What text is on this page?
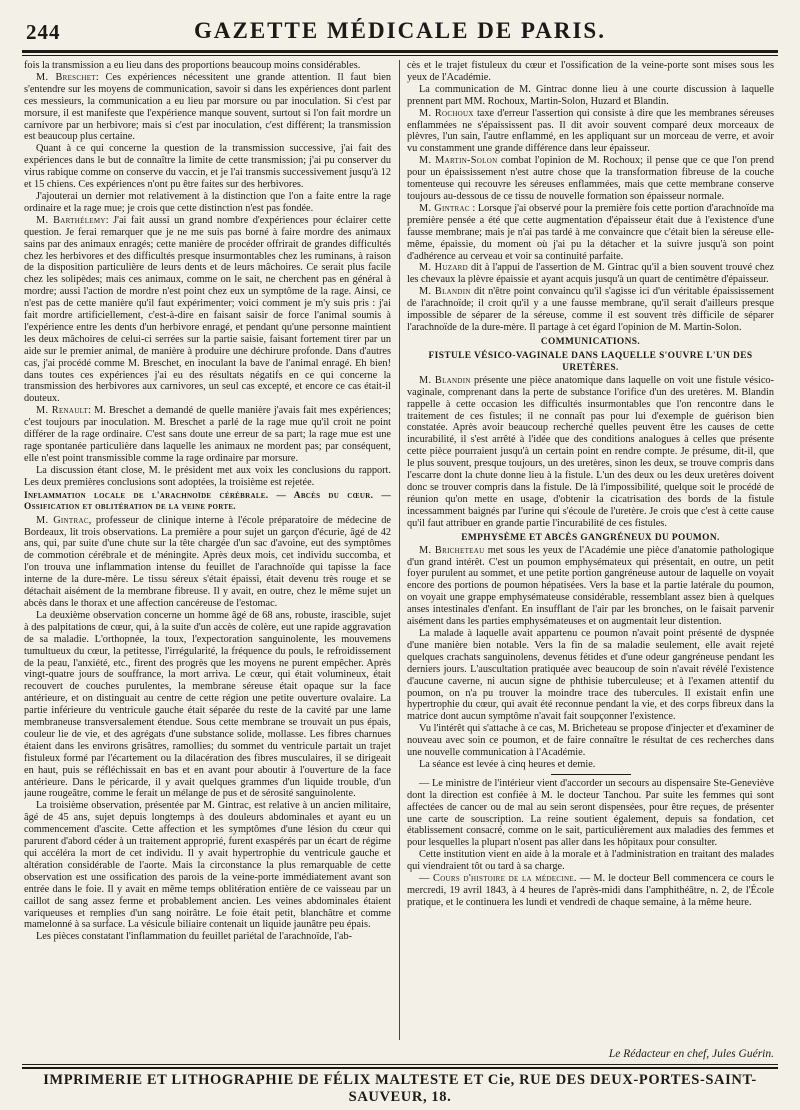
244	GAZETTE MÉDICALE DE PARIS.

fois la transmission a eu lieu dans des proportions beaucoup moins considérables.

M. Breschet: Ces expériences nécessitent une grande attention. Il faut bien s'entendre sur les moyens de communication, savoir si dans les expériences dont parlent ces messieurs, la communication a eu lieu par morsure ou par inoculation. Si c'est par morsure, il est manifeste que l'expérience manque souvent, surtout si l'on fait mordre un carnivore par un herbivore; mais si c'est par inoculation, c'est différent; la transmission est beaucoup plus certaine.

Quant à ce qui concerne la question de la transmission successive, j'ai fait des expériences dans le but de connaître la limite de cette transmission; j'ai pu conserver du virus rabique comme on conserve du vaccin, et je l'ai transmis successivement jusqu'à 12 et 15 chiens. Ces expériences n'ont pu être faites sur des herbivores.

J'ajouterai un dernier mot relativement à la distinction que l'on a faite entre la rage ordinaire et la rage mue; je crois que cette distinction n'est pas fondée.

M. Barthélemy: J'ai fait aussi un grand nombre d'expériences pour éclairer cette question. Je ferai remarquer que je ne me suis pas borné à faire mordre des animaux sains par des animaux enragés; cette manière de procéder offrirait de grandes difficultés chez les herbivores et des difficultés presque insurmontables chez les ruminans, à raison de la disposition particulière de leurs dents et de leurs mâchoires. Ce serait plus facile chez les solipèdes; mais ces animaux, comme on le sait, ne cherchent pas en général à mordre; aussi l'action de mordre n'est point chez eux un symptôme de la rage. Ainsi, ce n'est pas de cette manière qu'il faut expérimenter; voici comment je m'y suis pris : j'ai fait mordre artificiellement, c'est-à-dire en faisant saisir de force l'animal soumis à l'expérience entre les dents d'un herbivore enragé, et pendant qu'une personne maintient les deux mâchoires de celui-ci serrées sur la partie saisie, faisant fortement tirer par un aide sur le premier animal, de manière à produire une déchirure profonde. Dans d'autres cas, j'ai procédé comme M. Breschet, en inoculant la bave de l'animal enragé. Eh bien! dans toutes ces expériences j'ai eu des résultats négatifs en ce qui concerne la transmission des herbivores aux carnivores, un seul cas excepté, et encore ce cas était-il douteux.

M. Renault: M. Breschet a demandé de quelle manière j'avais fait mes expériences; c'est toujours par inoculation. M. Breschet a parlé de la rage mue qu'il croit ne point différer de la rage ordinaire. C'est sans doute une erreur de sa part; la rage mue est une rage spontanée particulière dans laquelle les animaux ne mordent pas; par conséquent, elle n'est point transmissible comme la rage ordinaire par morsure.

La discussion étant close, M. le président met aux voix les conclusions du rapport. Les deux premières conclusions sont adoptées, la troisième est rejetée.

Inflammation locale de l'arachnoïde cérébrale. — Abcès du cœur. — Ossification et oblitération de la veine porte.

M. Gintrac, professeur de clinique interne à l'école préparatoire de médecine de Bordeaux, lit trois observations. La première a pour sujet un garçon d'écurie, âgé de 42 ans, qui, par suite d'une chute sur la tête chargée d'un sac d'avoine, eut des symptômes de commotion cérébrale et de méningite. Après deux mois, cet individu succomba, et l'on trouva une inflammation intense du feuillet de l'arachnoïde qui tapisse la face interne de la dure-mère. Le tissu séreux s'était épaissi, était devenu très rouge et se détachait aisément de la membrane fibreuse. Il y avait, en outre, chez le même sujet un abcès dans le thorax et une affection cancéreuse de l'estomac.

La deuxième observation concerne un homme âgé de 68 ans, robuste, irascible, sujet à des palpitations de cœur, qui, à la suite d'un accès de colère, eut une rapide aggravation de sa maladie. L'orthopnée, la toux, l'expectoration sanguinolente, les mouvemens tumultueux du cœur, la petitesse, l'irrégularité, la fréquence du pouls, le refroidissement de la peau, l'anxiété, etc., firent des progrès que les moyens ne purent empêcher. Après vingt-quatre jours de souffrance, la mort arriva. Le cœur, qui était volumineux, était recouvert de couches purulentes, la membrane séreuse était opaque sur la face antérieure, et on distinguait au centre de cette région une petite ouverture ovalaire. La partie inférieure du ventricule gauche était séparée du reste de la cavité par une lame membraneuse transversalement étendue. Sous cette membrane se trouvait un pus épais, couleur lie de vie, et des agrégats d'une substance solide, mollasse. Les fibres charnues étaient dans les environs grisâtres, ramollies; du sommet du ventricule partait un trajet fistuleux formé par l'écartement ou la dilacération des fibres musculaires, il se dirigeait en haut, puis se réfléchissait en bas et en avant pour aboutir à l'ouverture de la face antérieure. Dans le péricarde, il y avait quelques grammes d'un liquide trouble, d'un jaune rougeâtre, comme le ferait un mélange de pus et de sérosité sanguinolente.

La troisième observation, présentée par M. Gintrac, est relative à un ancien militaire, âgé de 45 ans, sujet depuis longtemps à des douleurs abdominales et ayant eu un commencement d'ascite. Cette affection et les symptômes d'une lésion du cœur qui parurent d'abord céder à un traitement approprié, furent exaspérés par un écart de régime qui accéléra la mort de cet individu. Il y avait hypertrophie du ventricule gauche et altération considérable de l'aorte. Mais la circonstance la plus remarquable de cette observation est une ossification des parois de la veine-porte immédiatement avant son entrée dans le foie. Il y avait en même temps oblitération entière de ce vaisseau par un caillot de sang assez ferme et probablement ancien. Les veines abdominales étaient variqueuses et remplies d'un sang noirâtre. Le foie était petit, blanchâtre et comme mamelonné à sa surface. La vésicule biliaire contenait un liquide jaunâtre peu épais.

Les pièces constatant l'inflammation du feuillet pariétal de l'arachnoïde, l'ab-

cès et le trajet fistuleux du cœur et l'ossification de la veine-porte sont mises sous les yeux de l'Académie.

La communication de M. Gintrac donne lieu à une courte discussion à laquelle prennent part MM. Rochoux, Martin-Solon, Huzard et Blandin.

M. Rochoux taxe d'erreur l'assertion qui consiste à dire que les membranes séreuses enflammées ne s'épaississent pas. Il dit avoir souvent comparé deux morceaux de plèvres, l'un sain, l'autre enflammé, en les appliquant sur un morceau de verre, et avoir vu constamment une grande différence dans leur épaisseur.

M. Martin-Solon combat l'opinion de M. Rochoux; il pense que ce que l'on prend pour un épaississement n'est autre chose que la transformation fibreuse de la couche tomenteuse qui recouvre les séreuses enflammées, mais que cette membrane conserve toujours au-dessous de ce tissu de nouvelle formation son épaisseur normale.

M. Gintrac : Lorsque j'ai observé pour la première fois cette portion d'arachnoïde ma première pensée a été que cette augmentation d'épaisseur était due à l'existence d'une fausse membrane; mais je n'ai pas tardé à me convaincre que c'était bien la séreuse elle-même, épaissie, du moment où j'ai pu la détacher et la suivre jusqu'à son point d'adhérence au cerveau et voir sa continuité parfaite.

M. Huzard dit à l'appui de l'assertion de M. Gintrac qu'il a bien souvent trouvé chez les chevaux la plèvre épaissie et ayant acquis jusqu'à un quart de centimètre d'épaisseur.

M. Blandin dit n'être point convaincu qu'il s'agisse ici d'un véritable épaississement de l'arachnoïde; il croit qu'il y a une fausse membrane, qu'il serait d'ailleurs presque impossible de séparer de la séreuse, comme il est souvent très difficile de séparer l'arachnoïde de la dure-mère. Il partage à cet égard l'opinion de M. Martin-Solon.

COMMUNICATIONS.
FISTULE VÉSICO-VAGINALE DANS LAQUELLE S'OUVRE L'UN DES URETÈRES.

M. Blandin présente une pièce anatomique dans laquelle on voit une fistule vésico-vaginale, comprenant dans la perte de substance l'orifice d'un des uretères. M. Blandin rappelle à cette occasion les difficultés insurmontables que l'on rencontre dans le traitement de ces fistules; il ne connaît pas pour lui d'exemple de guérison bien constatée. Après avoir beaucoup recherché quelles peuvent être les causes de cette incurabilité, il s'est arrêté à l'idée que des conditions analogues à celles que présente cette pièce pourraient jusqu'à un certain point en rendre compte. Je présume, dit-il, que le plus souvent, presque toujours, un des uretères, sinon les deux, se trouve compris dans l'escarre dont la chute donne lieu à la fistule. L'un des deux ou les deux uretères doivent donc se trouver compris dans la fistule. De là l'impossibilité, quelque soit le procédé de réunion qu'on mette en usage, d'obtenir la cicatrisation des bords de la fistule incessamment baignés par l'urine qui s'écoule de l'uretère. Je crois que c'est à cette cause qu'il faut attribuer en grande partie l'incurabilité de ces fistules.

EMPHYSÈME ET ABCÈS GANGRÉNEUX DU POUMON.

M. Bricheteau met sous les yeux de l'Académie une pièce d'anatomie pathologique d'un grand intérêt. C'est un poumon emphysémateux qui présentait, en outre, un petit foyer purulent au sommet, et une petite portion gangréneuse autour de laquelle on voyait encore des portions de poumon hépatisées. Vers la base et la partie latérale du poumon, on voyait une grappe emphysémateuse considérable, ressemblant assez bien à quelques anses intestinales d'enfant. En insufflant de l'air par les bronches, on le faisait parvenir aisément dans les parties emphysémateuses et on augmentait leur distention.

La malade à laquelle avait appartenu ce poumon n'avait point présenté de dyspnée d'une manière bien notable. Vers la fin de sa maladie seulement, elle avait rejeté quelques crachats sanguinolens, devenus fétides et d'une odeur gangréneuse pendant les derniers jours. L'auscultation pratiquée avec beaucoup de soin n'avait révélé l'existence d'aucune caverne, ni aucun signe de phthisie tuberculeuse; et à l'examen attentif du poumon, on n'a pu trouver la moindre trace des tubercules. Il existait enfin une hypertrophie du cœur, qui avait été reconnue pendant la vie, et des corps fibreux dans la matrice dont aucun symptôme n'avait fait soupçonner l'existence.

Vu l'intérêt qui s'attache à ce cas, M. Bricheteau se propose d'injecter et d'examiner de nouveau avec soin ce poumon, et de faire connaître le résultat de ces recherches dans une nouvelle communication à l'Académie.

La séance est levée à cinq heures et demie.

— Le ministre de l'intérieur vient d'accorder un secours au dispensaire Ste-Geneviève dont la direction est confiée à M. le docteur Tanchou. Par suite les femmes qui sont affectées de cancer ou de mal au sein seront dispensées, pour être reçues, de présenter une carte de souscription. La reine soutient également, depuis sa fondation, cet établissement consacré, comme on le sait, particulièrement aux maladies des femmes et pour lesquelles la plupart n'osent pas aller dans les hôpitaux pour consulter.

Cette institution vient en aide à la morale et à l'administration en traitant des malades qui viendraient tôt ou tard à sa charge.

— Cours d'histoire de la médecine. — M. le docteur Bell commencera ce cours le mercredi, 19 avril 1843, à 4 heures de l'après-midi dans l'amphithéâtre, n. 2, de l'École pratique, et le continuera les lundi et vendredi de chaque semaine, à la même heure.

Le Rédacteur en chef, Jules Guérin.
IMPRIMERIE ET LITHOGRAPHIE DE FÉLIX MALTESTE ET Cie, RUE DES DEUX-PORTES-SAINT-SAUVEUR, 18.
